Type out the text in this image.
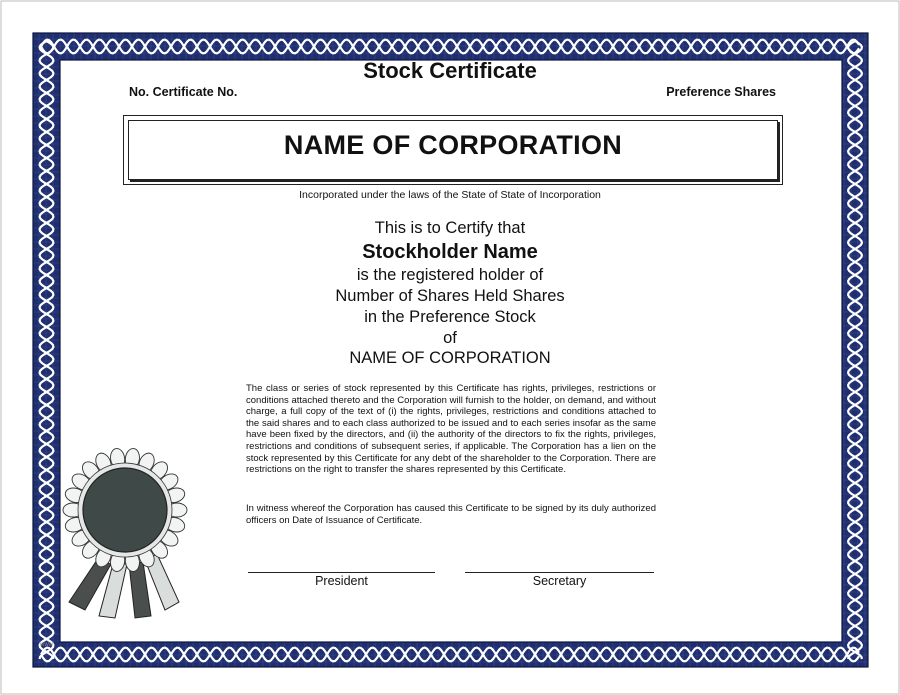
Stock Certificate
No. Certificate No.	Preference Shares
NAME OF CORPORATION
Incorporated under the laws of the State of State of Incorporation
This is to Certify that
Stockholder Name
is the registered holder of
Number of Shares Held Shares
in the Preference Stock
of
NAME OF CORPORATION
The class or series of stock represented by this Certificate has rights, privileges, restrictions or conditions attached thereto and the Corporation will furnish to the holder, on demand, and without charge, a full copy of the text of (i) the rights, privileges, restrictions and conditions attached to the said shares and to each class authorized to be issued and to each series insofar as the same have been fixed by the directors, and (ii) the authority of the directors to fix the rights, privileges, restrictions and conditions of subsequent series, if applicable. The Corporation has a lien on the stock represented by this Certificate for any debt of the shareholder to the Corporation. There are restrictions on the right to transfer the shares represented by this Certificate.
In witness whereof the Corporation has caused this Certificate to be signed by its duly authorized officers on Date of Issuance of Certificate.
President	Secretary
www
